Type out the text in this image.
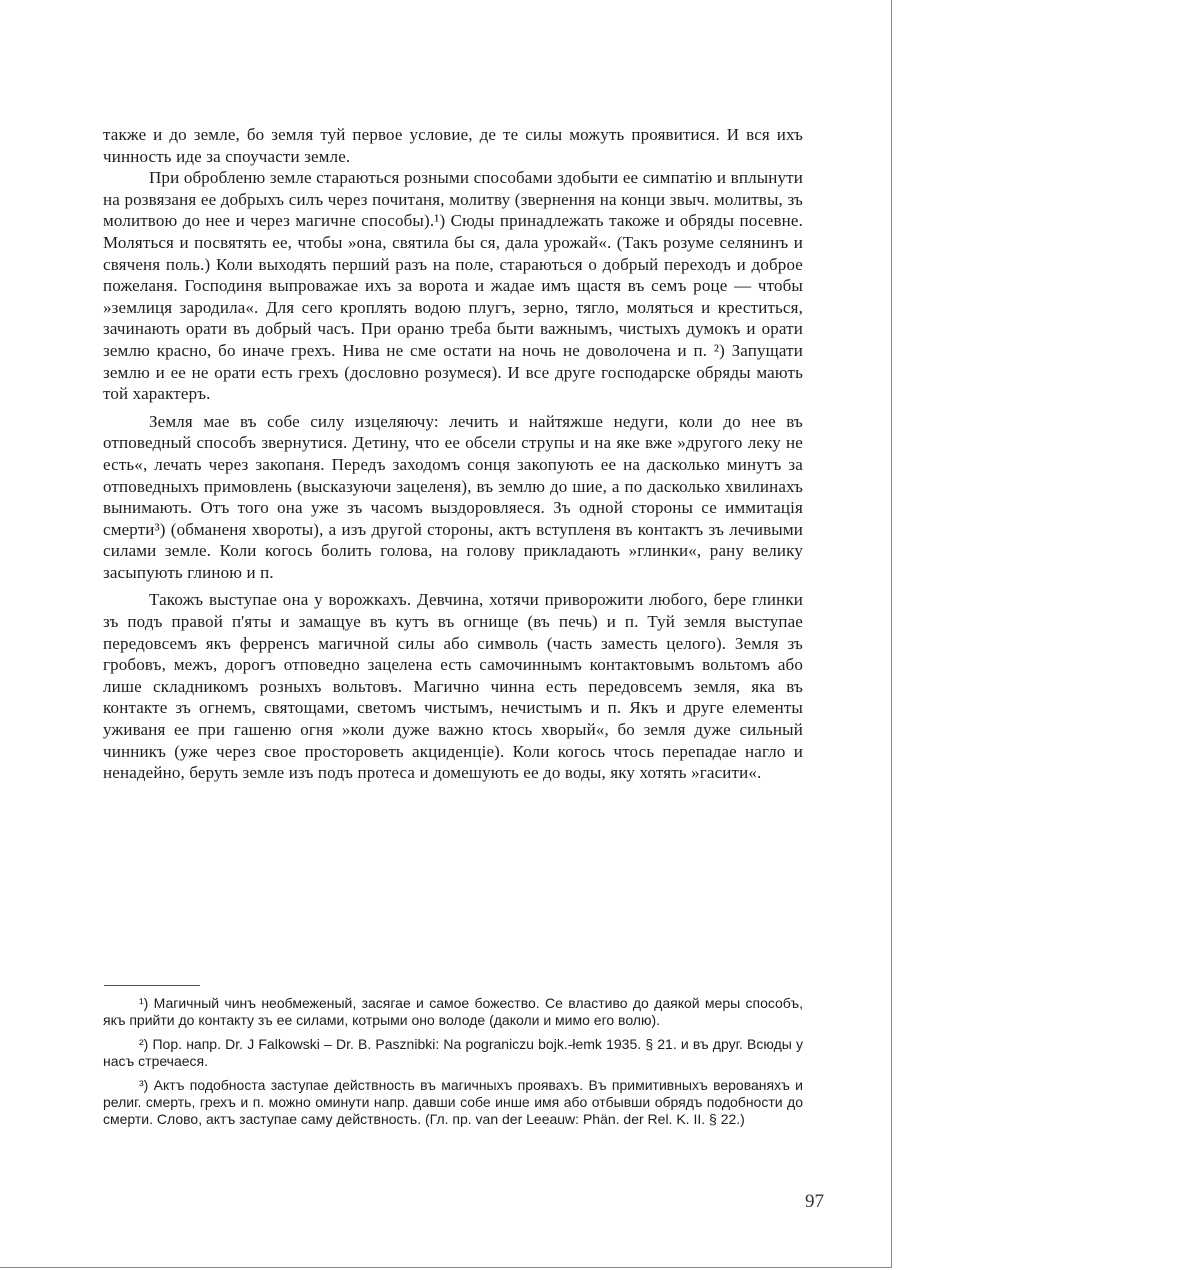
также и до земле, бо земля туй первое условие, де те силы можуть проявитися. И вся ихъ чинность иде за споучасти земле.

При обробленю земле стараються розными способами здобыти ее симпатію и вплынути на розвязаня ее добрыхъ силъ через почитаня, молитву (звернення на конци звыч. молитвы, зъ молитвою до нее и через магичне способы).¹) Сюды принадлежать такоже и обряды посевне. Моляться и посвятять ее, чтобы »она, святила бы ся, дала урожай«. (Такъ розуме селянинъ и свяченя поль.) Коли выходять перший разъ на поле, стараються о добрый переходъ и доброе пожеланя. Господиня выпроважае ихъ за ворота и жадае имъ щастя въ семъ роце — чтобы »землиця зародила«. Для сего кроплять водою плугъ, зерно, тягло, моляться и креститься, зачинають орати въ добрый часъ. При ораню треба быти важнымъ, чистыхъ думокъ и орати землю красно, бо иначе грехъ. Нива не сме остати на ночь не доволочена и п. ²) Запущати землю и ее не орати есть грехъ (дословно розумеся). И все друге господарске обряды мають той характеръ.

Земля мае въ собе силу изцеляючу: лечить и найтяжше недуги, коли до нее въ отповедный способъ звернутися. Детину, что ее обсели струпы и на яке вже »другого леку не есть«, лечать через закопаня. Передъ заходомъ сонця закопують ее на дасколько минутъ за отповедныхъ примовлень (высказуючи зацеленя), въ землю до шие, а по дасколько хвилинахъ вынимають. Отъ того она уже зъ часомъ выздоровляеся. Зъ одной стороны се иммитація смерти³) (обманеня хвороты), а изъ другой стороны, актъ вступленя въ контактъ зъ лечивыми силами земле. Коли когось болить голова, на голову прикладають »глинки«, рану велику засыпують глиною и п.

Такожъ выступае она у ворожкахъ. Девчина, хотячи приворожити любого, бере глинки зъ подъ правой п'яты и замащуе въ кутъ въ огнище (въ печь) и п. Туй земля выступае передовсемъ якъ ферренсъ магичной силы абo символь (часть заместь цeлого). Земля зъ гробовъ, межъ, дорогъ отповедно зацелена есть самочиннымъ контактовымъ вольтомъ абo лише складникомъ розныхъ вольтовъ. Магично чинна есть передовсемъ земля, яка въ контакте зъ огнемъ, святощами, светомъ чистымъ, нечистымъ и п. Якъ и друге елементы уживаня ее при гашеню огня »коли дуже важно ктось хворый«, бо земля дуже сильный чинникъ (уже через свое простороветь акциденціе). Коли когось чтось перепадае нагло и ненадейно, беруть земле изъ подъ протеса и домешують ее до воды, яку хотять »гасити«.

¹) Магичный чинъ необмеженый, засягае и самое божество. Се властиво до даякой меры способъ, якъ прийти до контакту зъ ее силами, котрыми оно володе (даколи и мимо его волю).

²) Пор. напр. Dr. J Falkowski – Dr. B. Pasznibki: Na pograniczu bojk.-łemk 1935. § 21. и въ друг. Всюды у насъ стречаеся.

³) Актъ подобноста заступае действность въ магичныхъ проявахъ. Въ примитивныхъ верованяхъ и религ. смерть, грехъ и п. можно оминути напр. давши собе инше имя або отбывши обрядъ подобности до смерти. Слово, актъ заступае саму действность. (Гл. пр. van der Leeauw: Phän. der Rel. K. II. § 22.)

97
